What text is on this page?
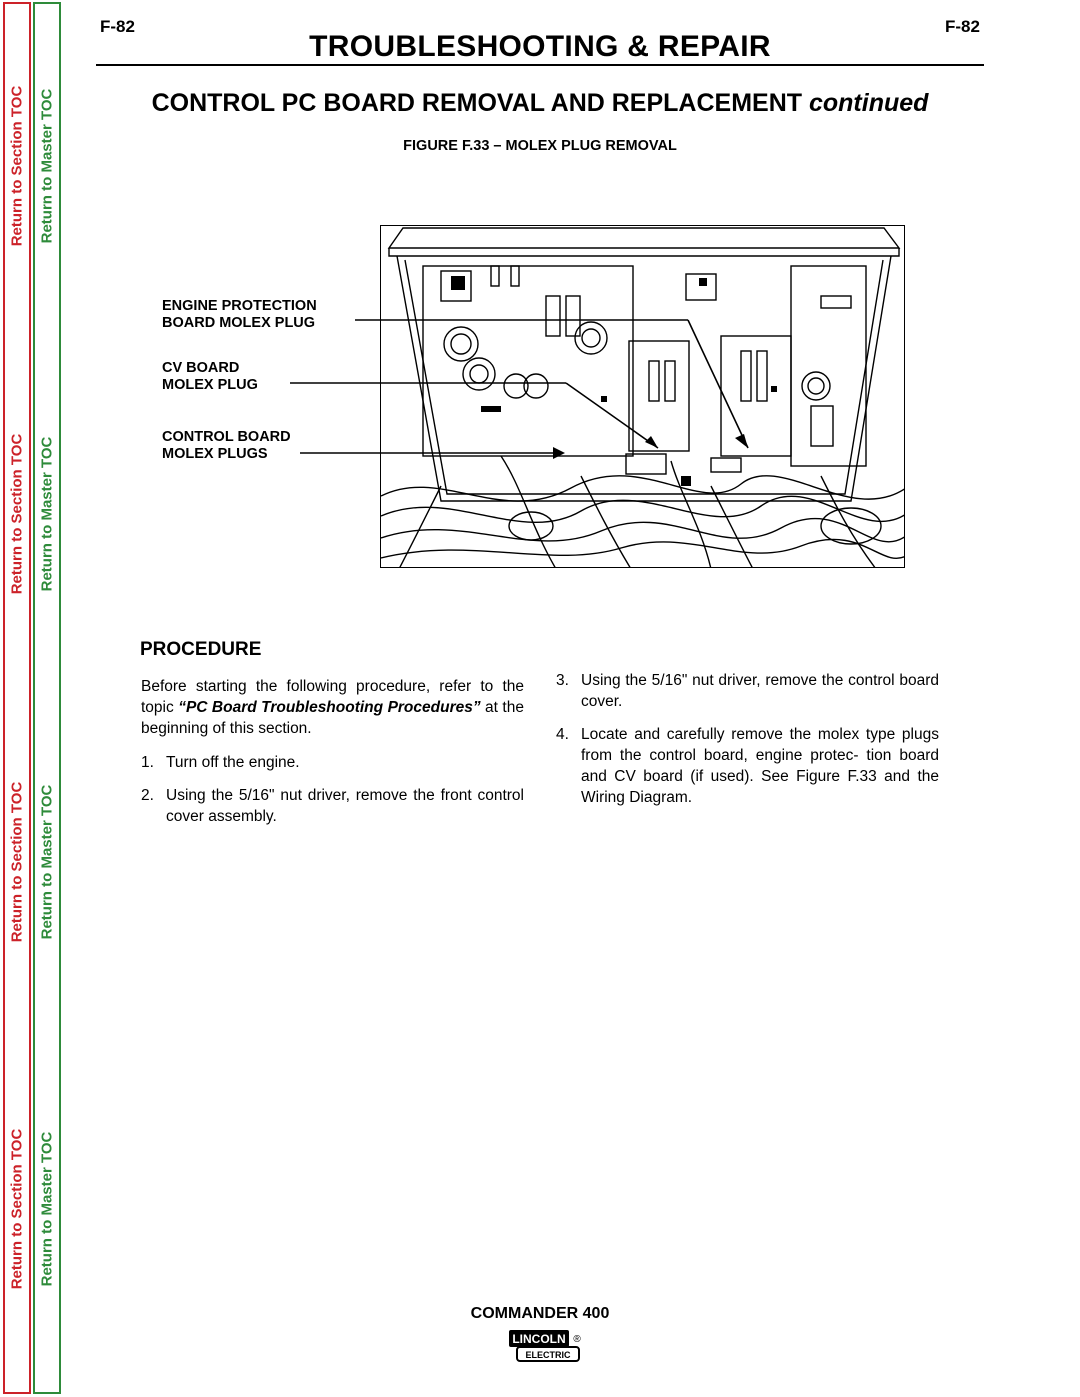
Return to Section TOC
Return to Section TOC
Return to Section TOC
Return to Section TOC
Return to Master TOC
Return to Master TOC
Return to Master TOC
Return to Master TOC
F-82	F-82
TROUBLESHOOTING & REPAIR
CONTROL PC BOARD REMOVAL AND REPLACEMENT continued
FIGURE F.33 – MOLEX PLUG REMOVAL
ENGINE PROTECTION
BOARD MOLEX PLUG
CV BOARD
MOLEX PLUG
CONTROL BOARD
MOLEX PLUGS
PROCEDURE

Before starting the following procedure, refer to the topic “PC Board Troubleshooting Procedures” at the beginning of this section.

1. Turn off the engine.
2. Using the 5/16" nut driver, remove the front control cover assembly.
3. Using the 5/16" nut driver, remove the control board cover.
4. Locate and carefully remove the molex type plugs from the control board, engine protec- tion board and CV board (if used). See Figure F.33 and the Wiring Diagram.
COMMANDER 400
LINCOLN
ELECTRIC
®
